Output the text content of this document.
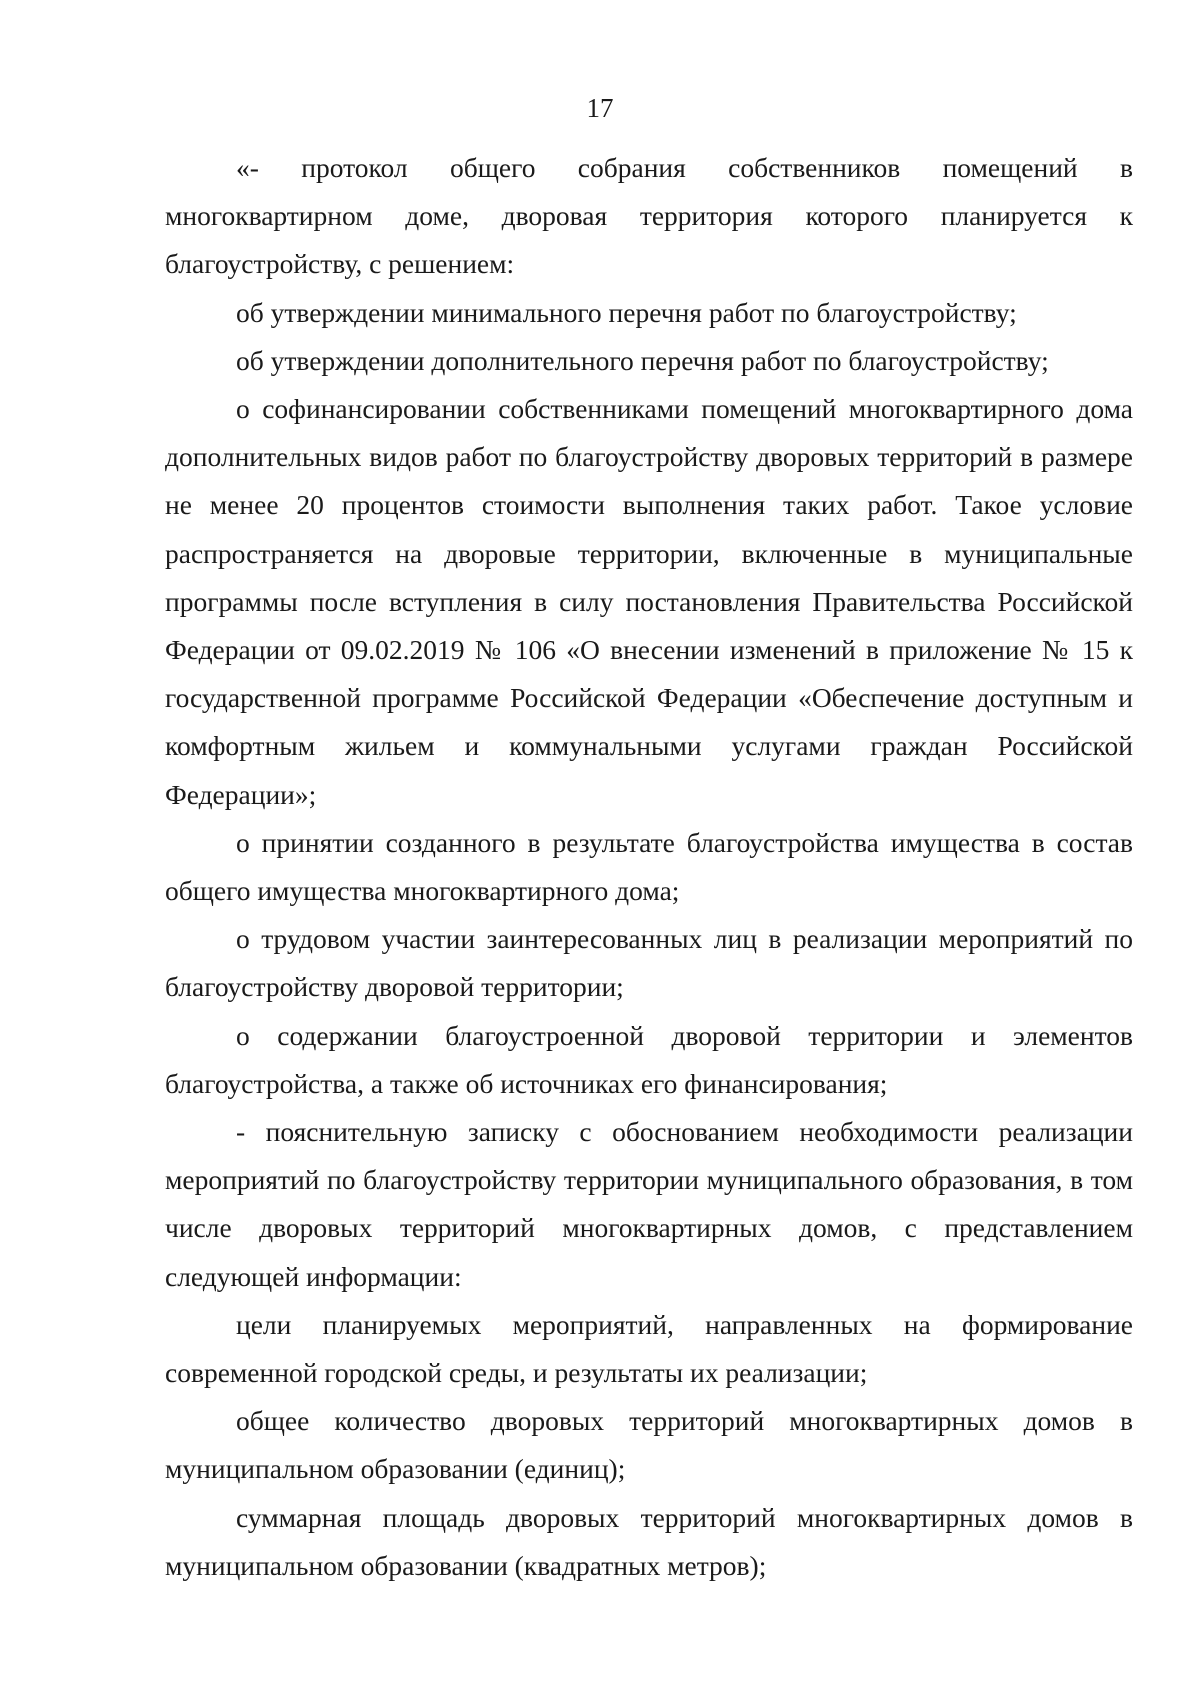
17

«- протокол общего собрания собственников помещений в многоквартирном доме, дворовая территория которого планируется к благоустройству, с решением:

об утверждении минимального перечня работ по благоустройству;

об утверждении дополнительного перечня работ по благоустройству;

о софинансировании собственниками помещений многоквартирного дома дополнительных видов работ по благоустройству дворовых территорий в размере не менее 20 процентов стоимости выполнения таких работ. Такое условие распространяется на дворовые территории, включенные в муниципальные программы после вступления в силу постановления Правительства Российской Федерации от 09.02.2019 № 106 «О внесении изменений в приложение № 15 к государственной программе Российской Федерации «Обеспечение доступным и комфортным жильем и коммунальными услугами граждан Российской Федерации»;

о принятии созданного в результате благоустройства имущества в состав общего имущества многоквартирного дома;

о трудовом участии заинтересованных лиц в реализации мероприятий по благоустройству дворовой территории;

о содержании благоустроенной дворовой территории и элементов благоустройства, а также об источниках его финансирования;

- пояснительную записку с обоснованием необходимости реализации мероприятий по благоустройству территории муниципального образования, в том числе дворовых территорий многоквартирных домов, с представлением следующей информации:

цели планируемых мероприятий, направленных на формирование современной городской среды, и результаты их реализации;

общее количество дворовых территорий многоквартирных домов в муниципальном образовании (единиц);

суммарная площадь дворовых территорий многоквартирных домов в муниципальном образовании (квадратных метров);
